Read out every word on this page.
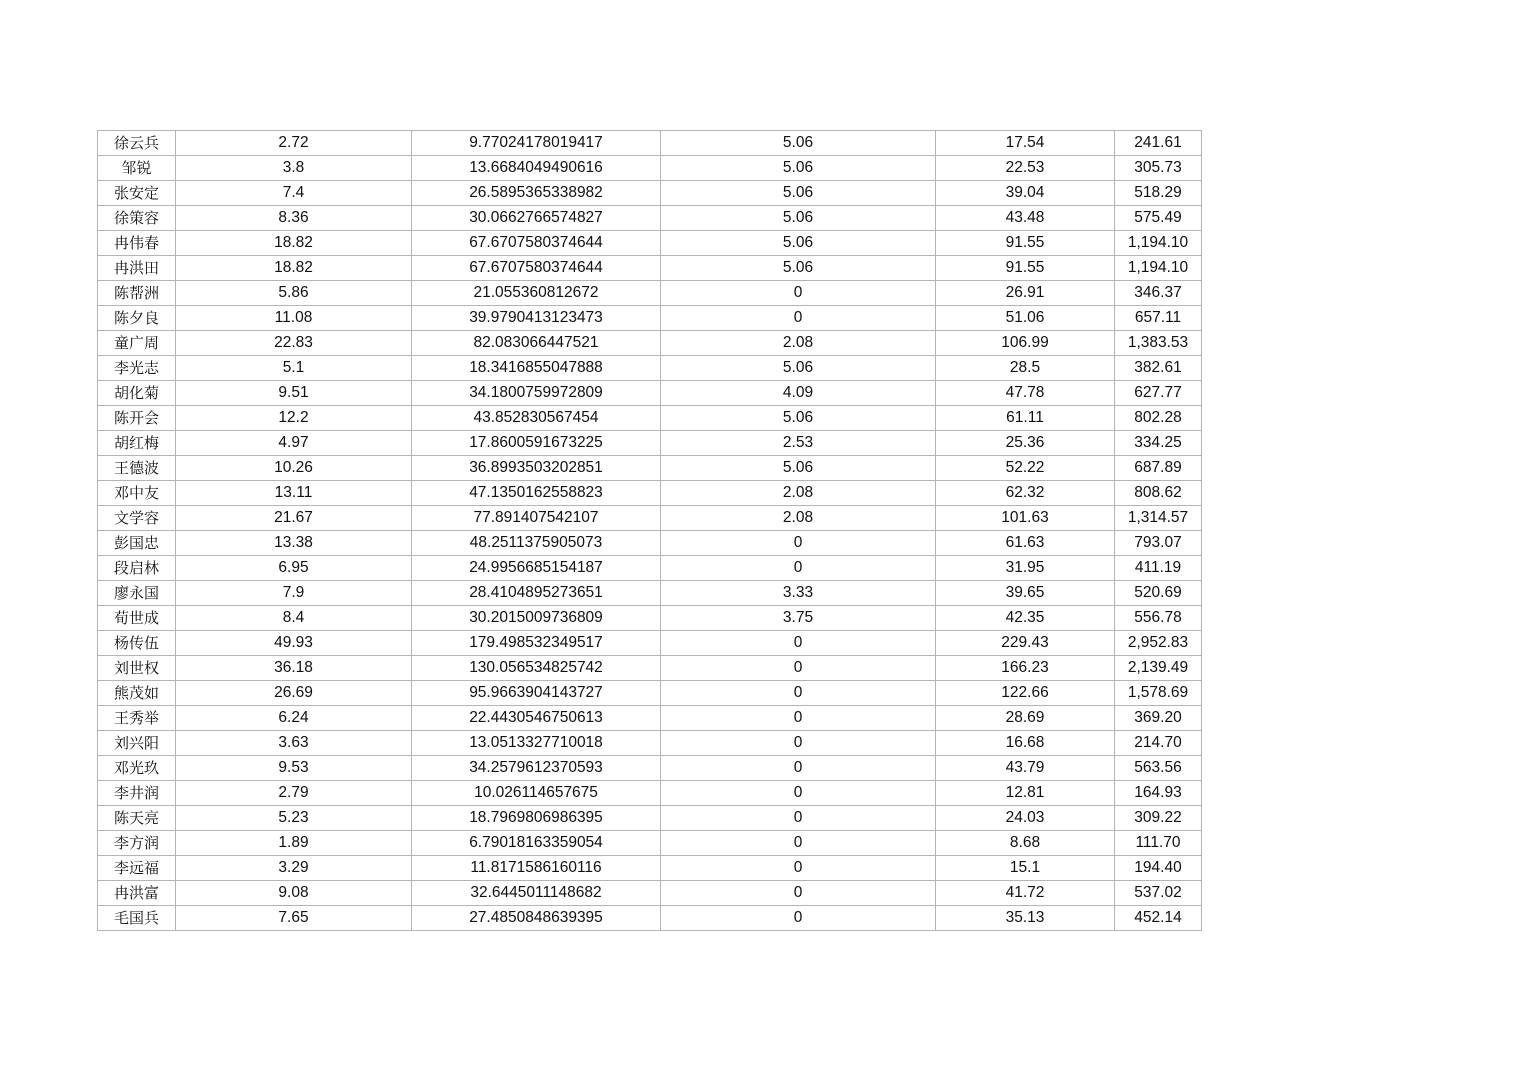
徐云兵	2.72	9.77024178019417	5.06	17.54	241.61
邹锐	3.8	13.6684049490616	5.06	22.53	305.73
张安定	7.4	26.5895365338982	5.06	39.04	518.29
徐策容	8.36	30.0662766574827	5.06	43.48	575.49
冉伟春	18.82	67.6707580374644	5.06	91.55	1,194.10
冉洪田	18.82	67.6707580374644	5.06	91.55	1,194.10
陈帮洲	5.86	21.055360812672	0	26.91	346.37
陈夕良	11.08	39.9790413123473	0	51.06	657.11
童广周	22.83	82.083066447521	2.08	106.99	1,383.53
李光志	5.1	18.3416855047888	5.06	28.5	382.61
胡化菊	9.51	34.1800759972809	4.09	47.78	627.77
陈开会	12.2	43.852830567454	5.06	61.11	802.28
胡红梅	4.97	17.8600591673225	2.53	25.36	334.25
王德波	10.26	36.8993503202851	5.06	52.22	687.89
邓中友	13.11	47.1350162558823	2.08	62.32	808.62
文学容	21.67	77.891407542107	2.08	101.63	1,314.57
彭国忠	13.38	48.2511375905073	0	61.63	793.07
段启林	6.95	24.9956685154187	0	31.95	411.19
廖永国	7.9	28.4104895273651	3.33	39.65	520.69
荀世成	8.4	30.2015009736809	3.75	42.35	556.78
杨传伍	49.93	179.498532349517	0	229.43	2,952.83
刘世权	36.18	130.056534825742	0	166.23	2,139.49
熊茂如	26.69	95.9663904143727	0	122.66	1,578.69
王秀举	6.24	22.4430546750613	0	28.69	369.20
刘兴阳	3.63	13.0513327710018	0	16.68	214.70
邓光玖	9.53	34.2579612370593	0	43.79	563.56
李井润	2.79	10.026114657675	0	12.81	164.93
陈天亮	5.23	18.7969806986395	0	24.03	309.22
李方润	1.89	6.79018163359054	0	8.68	111.70
李远福	3.29	11.8171586160116	0	15.1	194.40
冉洪富	9.08	32.6445011148682	0	41.72	537.02
毛国兵	7.65	27.4850848639395	0	35.13	452.14
